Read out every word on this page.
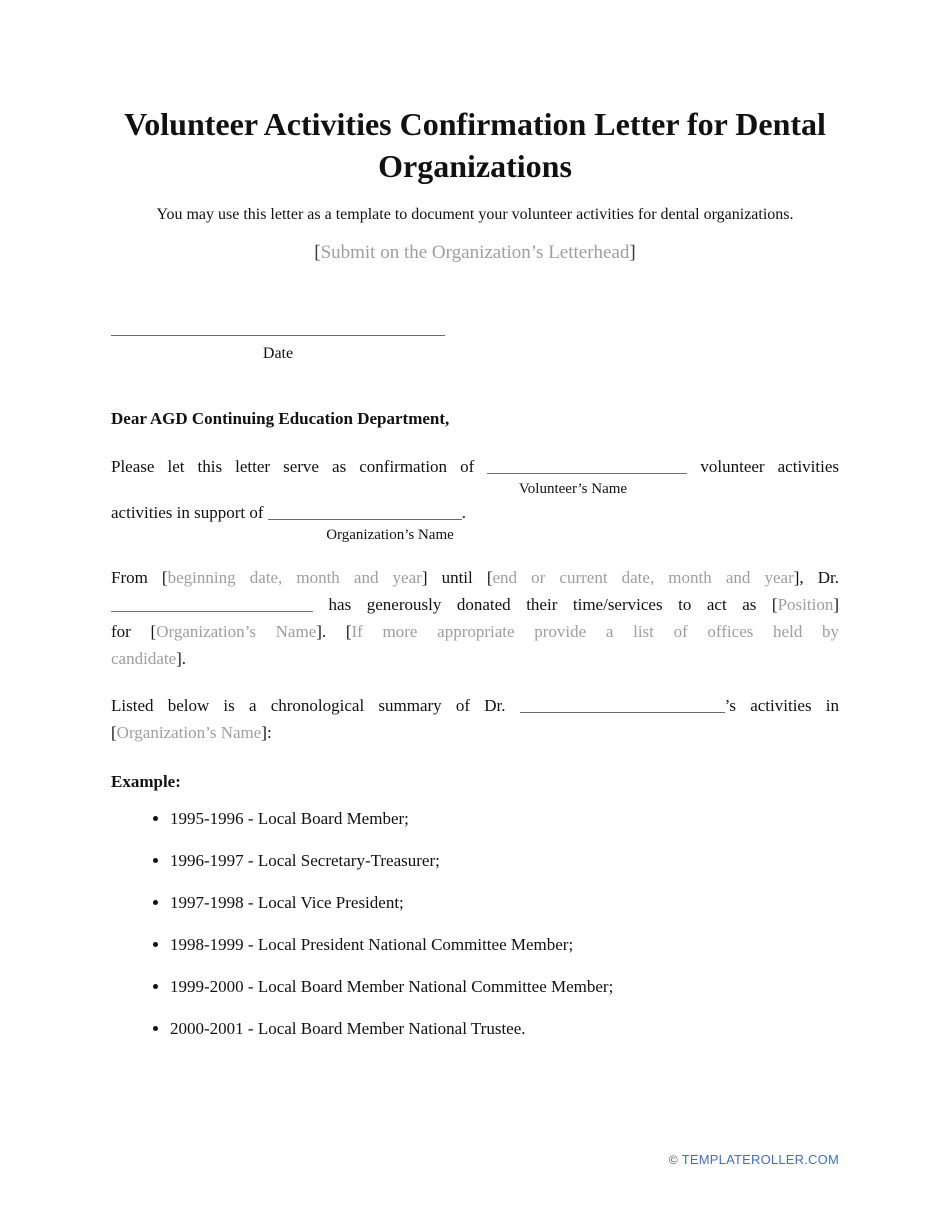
Volunteer Activities Confirmation Letter for Dental Organizations

You may use this letter as a template to document your volunteer activities for dental organizations.

[Submit on the Organization’s Letterhead]

Date

Dear AGD Continuing Education Department,

Please let this letter serve as confirmation of	volunteer activities
Volunteer’s Name
activities in support of	.
Organization’s Name
From [beginning date, month and year] until [end or current date, month and year], Dr.
has generously donated their time/services to act as [Position]
for [Organization’s Name]. [If more appropriate provide a list of offices held by
candidate].
Listed below is a chronological summary of Dr.	’s activities in
[Organization’s Name]:

Example:

• 1995-1996 - Local Board Member;
• 1996-1997 - Local Secretary-Treasurer;
• 1997-1998 - Local Vice President;
• 1998-1999 - Local President National Committee Member;
• 1999-2000 - Local Board Member National Committee Member;
• 2000-2001 - Local Board Member National Trustee.
© TEMPLATEROLLER.COM
